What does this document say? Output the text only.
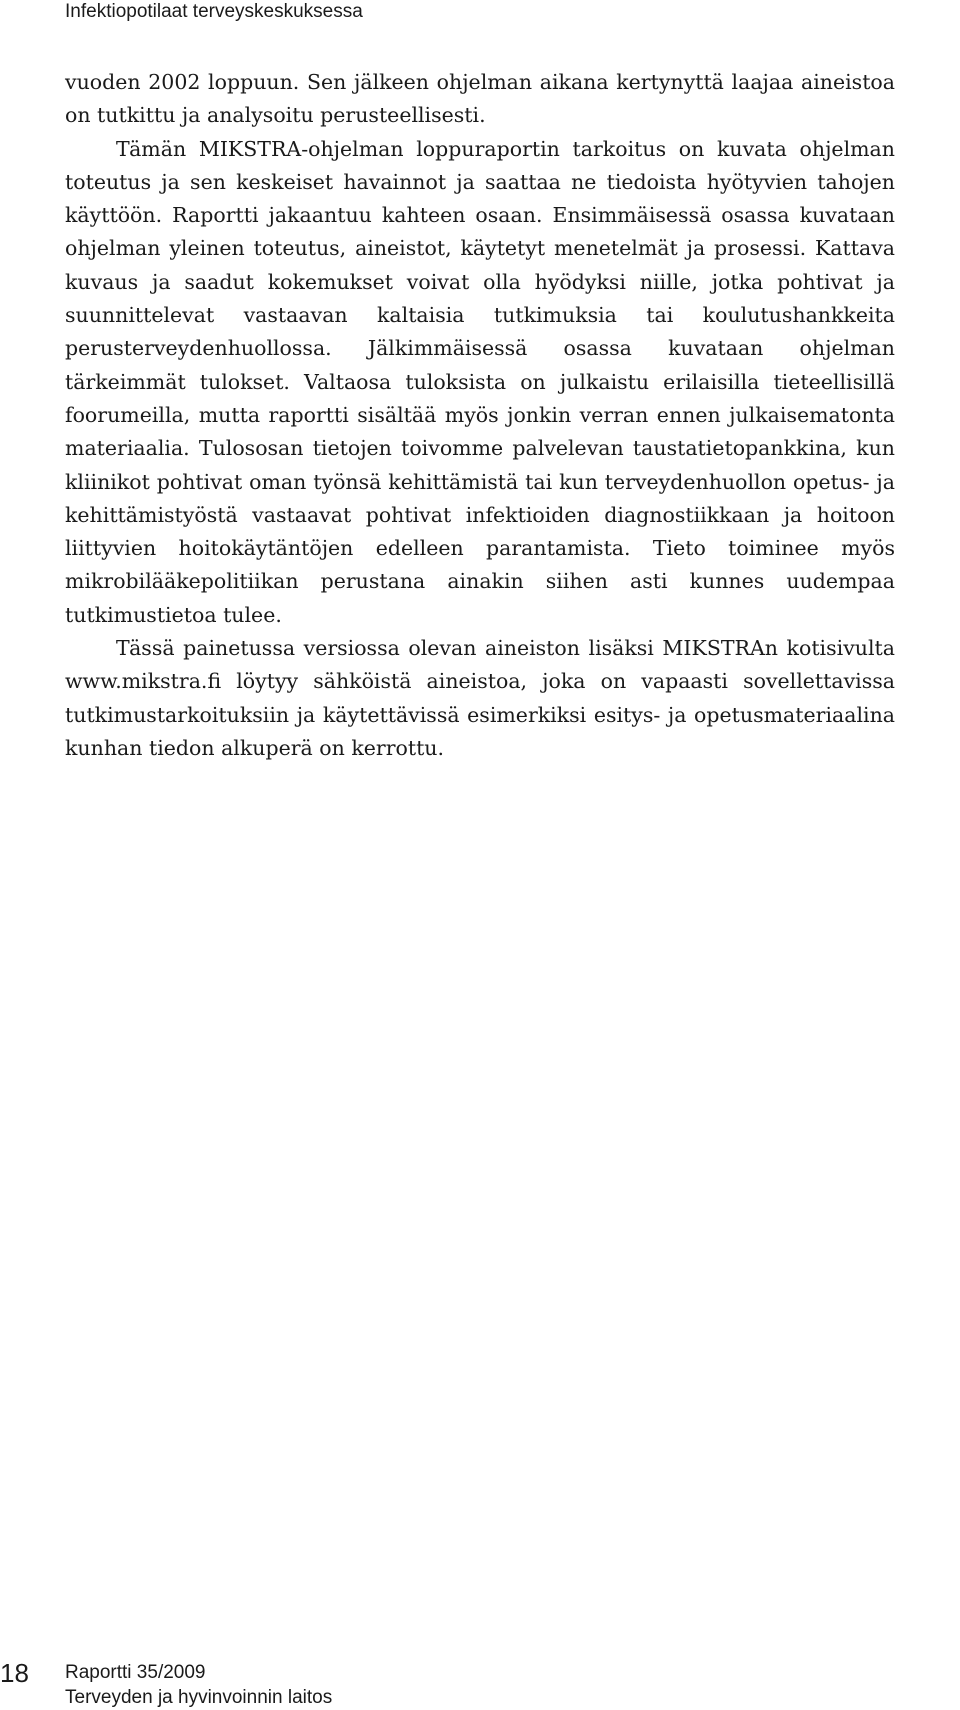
Infektiopotilaat terveyskeskuksessa

vuoden 2002 loppuun. Sen jälkeen ohjelman aikana kertynyttä laajaa aineistoa on tutkittu ja analysoitu perusteellisesti.

Tämän MIKSTRA-ohjelman loppuraportin tarkoitus on kuvata ohjelman toteutus ja sen keskeiset havainnot ja saattaa ne tiedoista hyötyvien tahojen käyttöön. Raportti jakaantuu kahteen osaan. Ensimmäisessä osassa kuvataan ohjelman yleinen toteutus, aineistot, käytetyt menetelmät ja prosessi. Kattava kuvaus ja saadut kokemukset voivat olla hyödyksi niille, jotka pohtivat ja suunnittelevat vastaavan kaltaisia tutkimuksia tai koulutushankkeita perusterveydenhuollossa. Jälkimmäisessä osassa kuvataan ohjelman tärkeimmät tulokset. Valtaosa tuloksista on julkaistu erilaisilla tieteellisillä foorumeilla, mutta raportti sisältää myös jonkin verran ennen julkaisematonta materiaalia. Tulososan tietojen toivomme palvelevan taustatietopankkina, kun kliinikot pohtivat oman työnsä kehittämistä tai kun terveydenhuollon opetus- ja kehittämistyöstä vastaavat pohtivat infektioiden diagnostiikkaan ja hoitoon liittyvien hoitokäytäntöjen edelleen parantamista. Tieto toiminee myös mikrobilääkepolitiikan perustana ainakin siihen asti kunnes uudempaa tutkimustietoa tulee.

Tässä painetussa versiossa olevan aineiston lisäksi MIKSTRAn kotisivulta www.mikstra.fi löytyy sähköistä aineistoa, joka on vapaasti sovellettavissa tutkimustarkoituksiin ja käytettävissä esimerkiksi esitys- ja opetusmateriaalina kunhan tiedon alkuperä on kerrottu.

18 Raportti 35/2009
Terveyden ja hyvinvoinnin laitos
